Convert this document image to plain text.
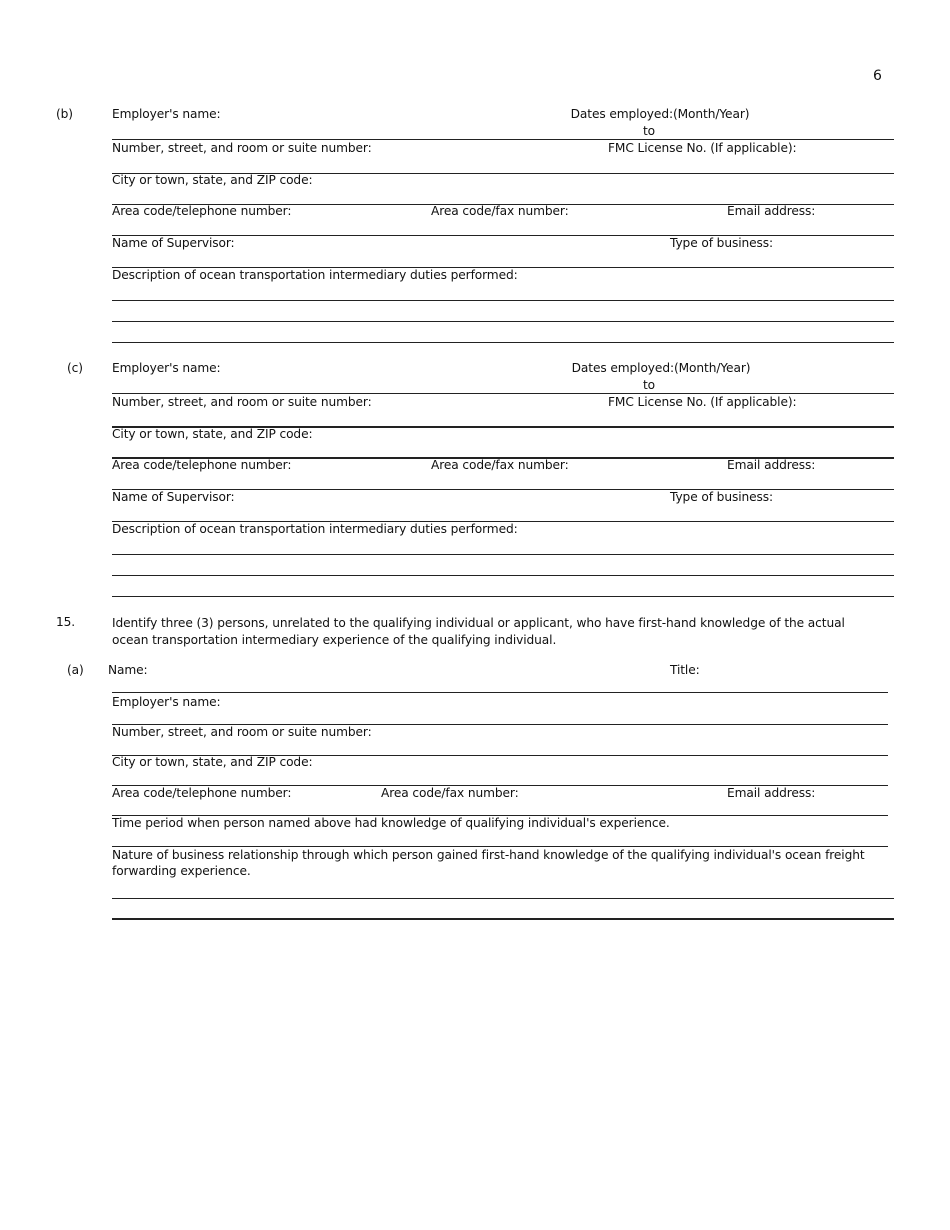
6
(b)	Employer's name:	Dates employed:(Month/Year)
to
Number, street, and room or suite number:	FMC License No. (If applicable):
City or town, state, and ZIP code:
Area code/telephone number:	Area code/fax number:	Email address:
Name of Supervisor:	Type of business:
Description of ocean transportation intermediary duties performed:
(c) Employer's name:	Dates employed:(Month/Year)
to
Number, street, and room or suite number:	FMC License No. (If applicable):
City or town, state, and ZIP code:
Area code/telephone number:	Area code/fax number:	Email address:
Name of Supervisor:	Type of business:
Description of ocean transportation intermediary duties performed:
15.	Identify three (3) persons, unrelated to the qualifying individual or applicant, who have first-hand knowledge of the actual ocean transportation intermediary experience of the qualifying individual.
(a) Name:	Title:
Employer's name:
Number, street, and room or suite number:
City or town, state, and ZIP code:
Area code/telephone number:	Area code/fax number:	Email address:
Time period when person named above had knowledge of qualifying individual's experience.
Nature of business relationship through which person gained first-hand knowledge of the qualifying individual's ocean freight forwarding experience.
